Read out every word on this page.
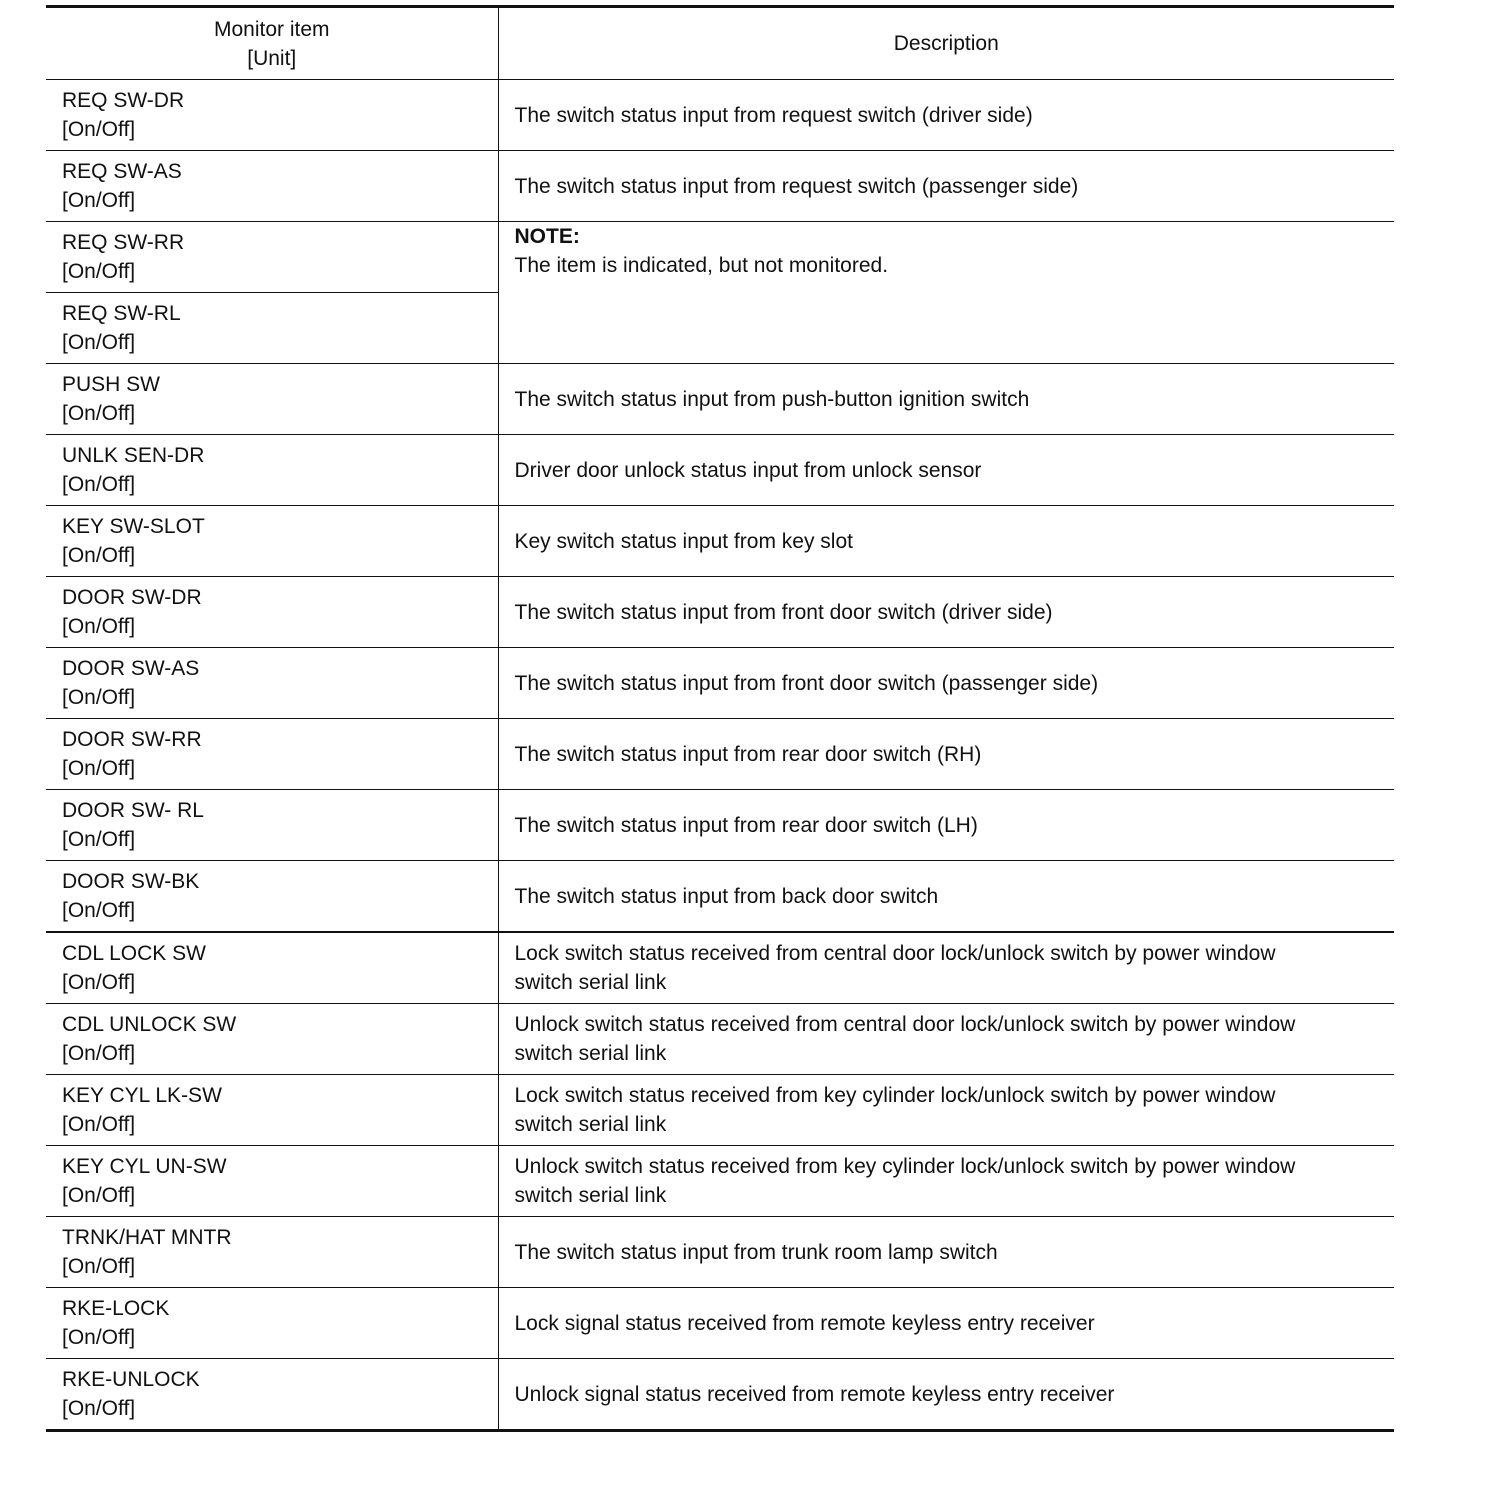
Monitor item
[Unit]	Description

REQ SW-DR
[On/Off]	The switch status input from request switch (driver side)

REQ SW-AS
[On/Off]	The switch status input from request switch (passenger side)

REQ SW-RR
[On/Off]	NOTE:
The item is indicated, but not monitored.

REQ SW-RL
[On/Off]	

PUSH SW
[On/Off]	The switch status input from push-button ignition switch

UNLK SEN-DR
[On/Off]	Driver door unlock status input from unlock sensor

KEY SW-SLOT
[On/Off]	Key switch status input from key slot

DOOR SW-DR
[On/Off]	The switch status input from front door switch (driver side)

DOOR SW-AS
[On/Off]	The switch status input from front door switch (passenger side)

DOOR SW-RR
[On/Off]	The switch status input from rear door switch (RH)

DOOR SW- RL
[On/Off]	The switch status input from rear door switch (LH)

DOOR SW-BK
[On/Off]	The switch status input from back door switch

CDL LOCK SW
[On/Off]	Lock switch status received from central door lock/unlock switch by power window
switch serial link

CDL UNLOCK SW
[On/Off]	Unlock switch status received from central door lock/unlock switch by power window
switch serial link

KEY CYL LK-SW
[On/Off]	Lock switch status received from key cylinder lock/unlock switch by power window
switch serial link

KEY CYL UN-SW
[On/Off]	Unlock switch status received from key cylinder lock/unlock switch by power window
switch serial link

TRNK/HAT MNTR
[On/Off]	The switch status input from trunk room lamp switch

RKE-LOCK
[On/Off]	Lock signal status received from remote keyless entry receiver

RKE-UNLOCK
[On/Off]	Unlock signal status received from remote keyless entry receiver
